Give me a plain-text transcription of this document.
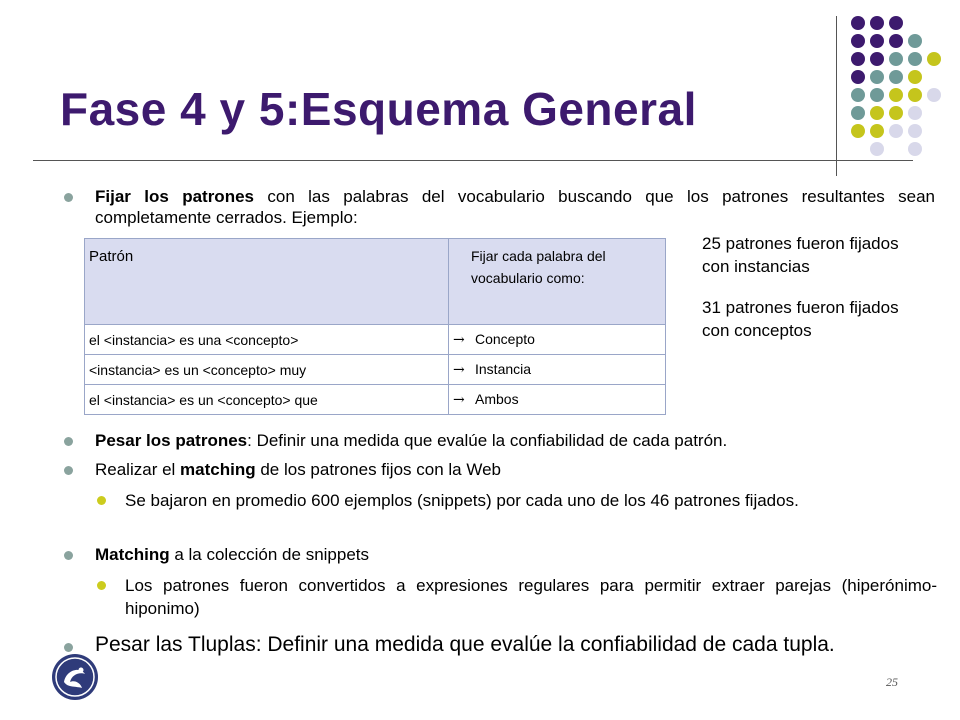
Fase 4 y 5:Esquema General
Fijar los patrones con las palabras del vocabulario buscando que los patrones resultantes sean completamente cerrados. Ejemplo:
Patrón	Fijar cada palabra del vocabulario como:

el <instancia> es una <concepto>	→ Concepto
<instancia> es un <concepto> muy	→ Instancia
el <instancia> es un <concepto> que	→ Ambos
25 patrones fueron fijados con instancias
31 patrones fueron fijados con conceptos
Pesar los patrones: Definir una medida que evalúe la confiabilidad de cada patrón.
Realizar el matching de los patrones fijos con la Web
Se bajaron en promedio 600 ejemplos (snippets) por cada uno de los 46 patrones fijados.
Matching a la colección de snippets
Los patrones fueron convertidos a expresiones regulares para permitir extraer parejas (hiperónimo-hiponimo)
Pesar las Tluplas: Definir una medida que evalúe la confiabilidad de cada tupla.
25
